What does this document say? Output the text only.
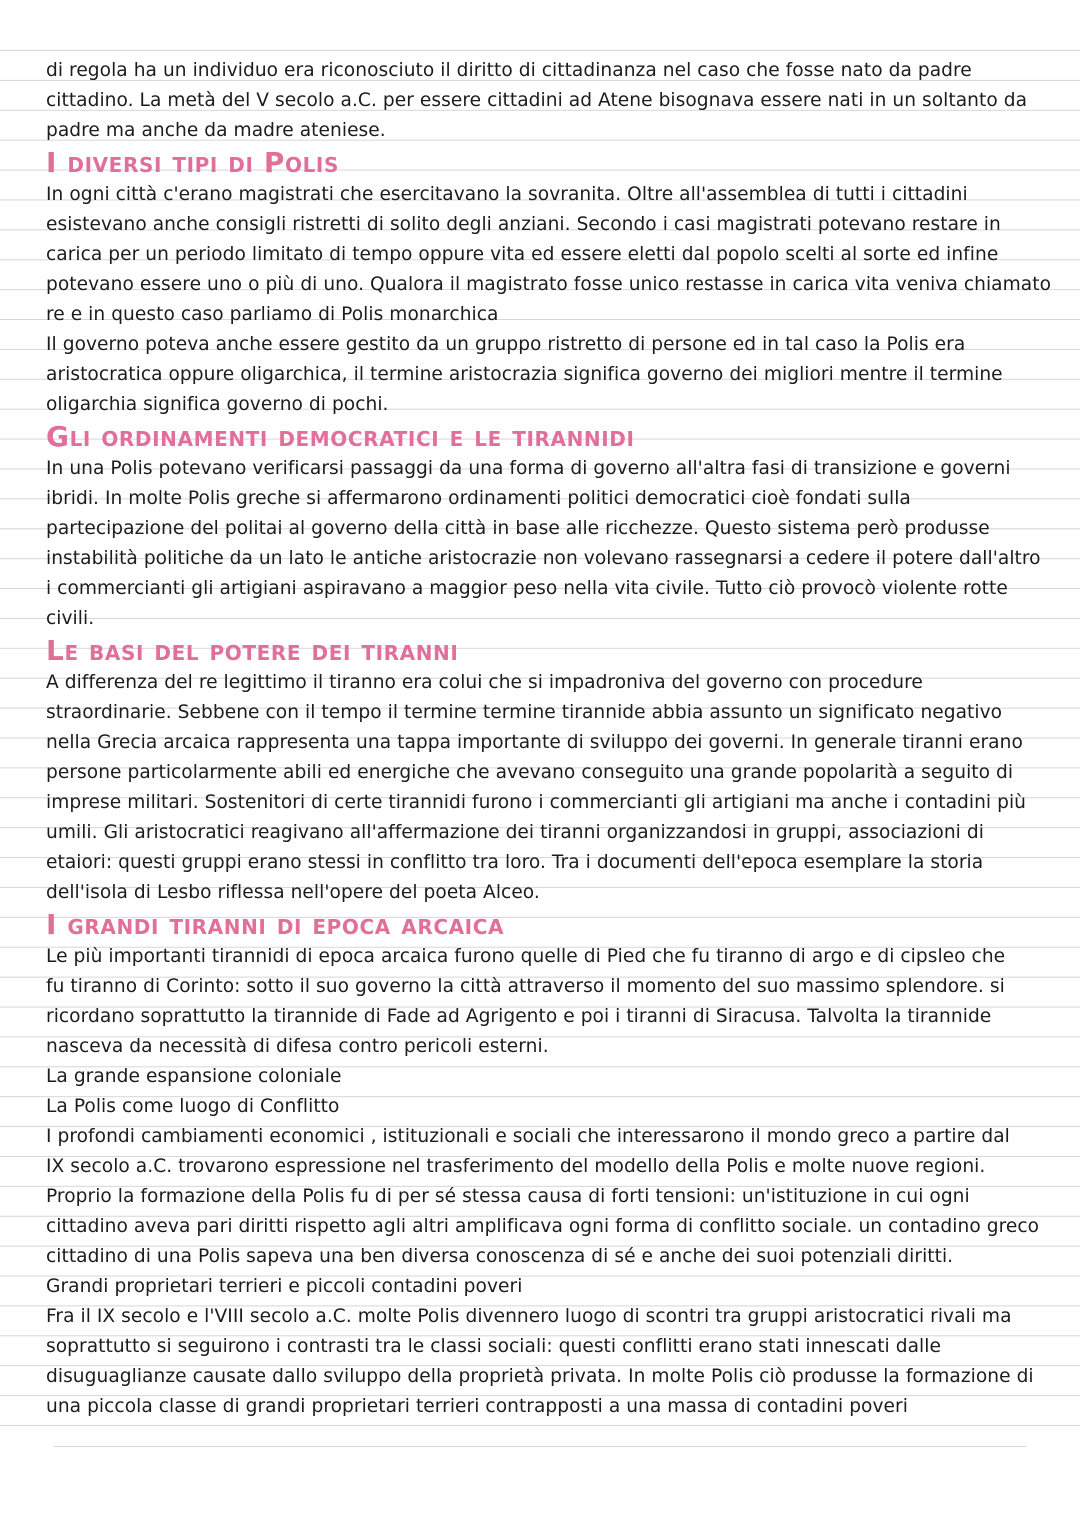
di regola ha un individuo era riconosciuto il diritto di cittadinanza nel caso che fosse nato da padre
cittadino. La metà del V secolo a.C. per essere cittadini ad Atene bisognava essere nati in un soltanto da
padre ma anche da madre ateniese.
I diversi tipi di Polis
In ogni città c'erano magistrati che esercitavano la sovranita. Oltre all'assemblea di tutti i cittadini
esistevano anche consigli ristretti di solito degli anziani. Secondo i casi magistrati potevano restare in
carica per un periodo limitato di tempo oppure vita ed essere eletti dal popolo scelti al sorte ed infine
potevano essere uno o più di uno. Qualora il magistrato fosse unico restasse in carica vita veniva chiamato
re e in questo caso parliamo di Polis monarchica
Il governo poteva anche essere gestito da un gruppo ristretto di persone ed in tal caso la Polis era
aristocratica oppure oligarchica, il termine aristocrazia significa governo dei migliori mentre il termine
oligarchia significa governo di pochi.
Gli ordinamenti democratici e le tirannidi
In una Polis potevano verificarsi passaggi da una forma di governo all'altra fasi di transizione e governi
ibridi. In molte Polis greche si affermarono ordinamenti politici democratici cioè fondati sulla
partecipazione del politai al governo della città in base alle ricchezze. Questo sistema però produsse
instabilità politiche da un lato le antiche aristocrazie non volevano rassegnarsi a cedere il potere dall'altro
i commercianti gli artigiani aspiravano a maggior peso nella vita civile. Tutto ciò provocò violente rotte
civili.
Le basi del potere dei tiranni
A differenza del re legittimo il tiranno era colui che si impadroniva del governo con procedure
straordinarie. Sebbene con il tempo il termine termine tirannide abbia assunto un significato negativo
nella Grecia arcaica rappresenta una tappa importante di sviluppo dei governi. In generale tiranni erano
persone particolarmente abili ed energiche che avevano conseguito una grande popolarità a seguito di
imprese militari. Sostenitori di certe tirannidi furono i commercianti gli artigiani ma anche i contadini più
umili. Gli aristocratici reagivano all'affermazione dei tiranni organizzandosi in gruppi, associazioni di
etaiori: questi gruppi erano stessi in conflitto tra loro. Tra i documenti dell'epoca esemplare la storia
dell'isola di Lesbo riflessa nell'opere del poeta Alceo.
I grandi tiranni di epoca arcaica
Le più importanti tirannidi di epoca arcaica furono quelle di Pied che fu tiranno di argo e di cipsleo che
fu tiranno di Corinto: sotto il suo governo la città attraverso il momento del suo massimo splendore. si
ricordano soprattutto la tirannide di Fade ad Agrigento e poi i tiranni di Siracusa. Talvolta la tirannide
nasceva da necessità di difesa contro pericoli esterni.
La grande espansione coloniale
La Polis come luogo di Conflitto
I profondi cambiamenti economici , istituzionali e sociali che interessarono il mondo greco a partire dal
IX secolo a.C. trovarono espressione nel trasferimento del modello della Polis e molte nuove regioni.
Proprio la formazione della Polis fu di per sé stessa causa di forti tensioni: un'istituzione in cui ogni
cittadino aveva pari diritti rispetto agli altri amplificava ogni forma di conflitto sociale. un contadino greco
cittadino di una Polis sapeva una ben diversa conoscenza di sé e anche dei suoi potenziali diritti.
Grandi proprietari terrieri e piccoli contadini poveri
Fra il IX secolo e l'VIII secolo a.C. molte Polis divennero luogo di scontri tra gruppi aristocratici rivali ma
soprattutto si seguirono i contrasti tra le classi sociali: questi conflitti erano stati innescati dalle
disuguaglianze causate dallo sviluppo della proprietà privata. In molte Polis ciò produsse la formazione di
una piccola classe di grandi proprietari terrieri contrapposti a una massa di contadini poveri
